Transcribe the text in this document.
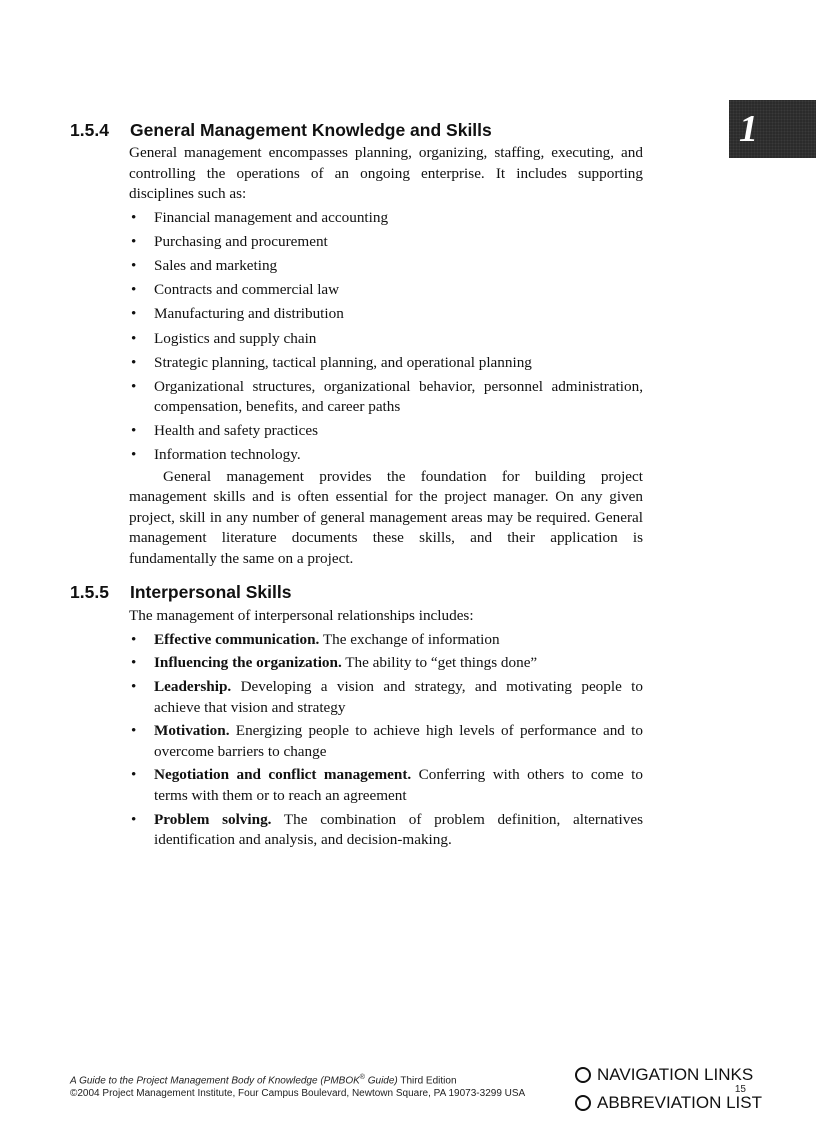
1
1.5.4	General Management Knowledge and Skills

General management encompasses planning, organizing, staffing, executing, and controlling the operations of an ongoing enterprise. It includes supporting disciplines such as:

• Financial management and accounting
• Purchasing and procurement
• Sales and marketing
• Contracts and commercial law
• Manufacturing and distribution
• Logistics and supply chain
• Strategic planning, tactical planning, and operational planning
• Organizational structures, organizational behavior, personnel administration, compensation, benefits, and career paths
• Health and safety practices
• Information technology.

General management provides the foundation for building project management skills and is often essential for the project manager. On any given project, skill in any number of general management areas may be required. General management literature documents these skills, and their application is fundamentally the same on a project.

1.5.5	Interpersonal Skills

The management of interpersonal relationships includes:

• Effective communication. The exchange of information
• Influencing the organization. The ability to “get things done”
• Leadership. Developing a vision and strategy, and motivating people to achieve that vision and strategy
• Motivation. Energizing people to achieve high levels of performance and to overcome barriers to change
• Negotiation and conflict management. Conferring with others to come to terms with them or to reach an agreement
• Problem solving. The combination of problem definition, alternatives identification and analysis, and decision-making.
A Guide to the Project Management Body of Knowledge (PMBOK® Guide) Third Edition
©2004 Project Management Institute, Four Campus Boulevard, Newtown Square, PA 19073-3299 USA	15
NAVIGATION LINKS
ABBREVIATION LIST
